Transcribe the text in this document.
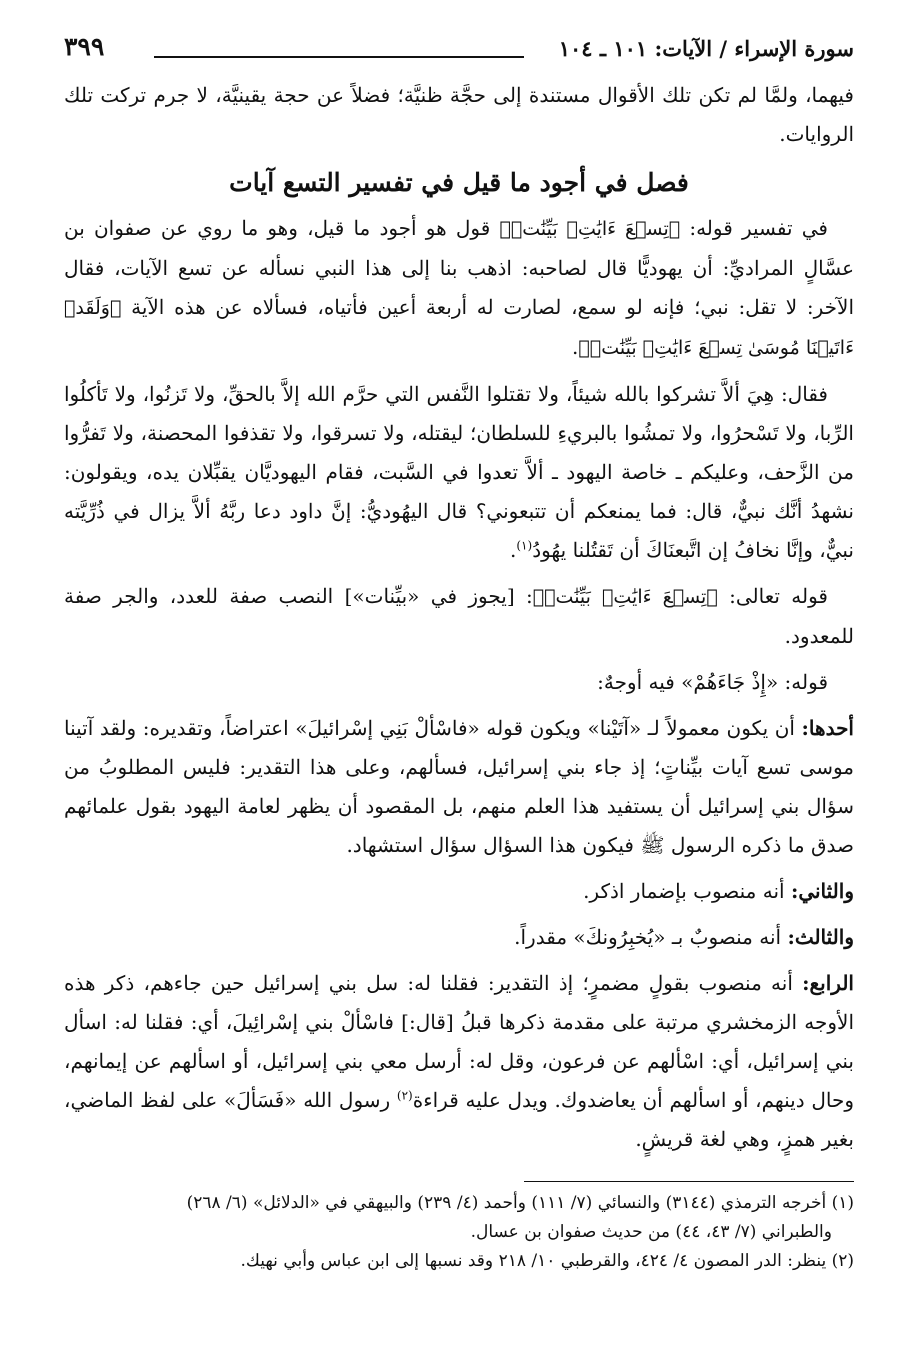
سورة الإسراء / الآيات: ١٠١ ـ ١٠٤
٣٩٩

فيهما، ولمَّا لم تكن تلك الأقوال مستندة إلى حجَّة ظنيَّة؛ فضلاً عن حجة يقينيَّة، لا جرم تركت تلك الروايات.

فصل في أجود ما قيل في تفسير التسع آيات

في تفسير قوله: ﴿تِسۡعَ ءَايَٰتِۭ بَيِّنَٰتٖ﴾ قول هو أجود ما قيل، وهو ما روي عن صفوان بن عسَّالٍ المراديِّ: أن يهوديًّا قال لصاحبه: اذهب بنا إلى هذا النبي نسأله عن تسع الآيات، فقال الآخر: لا تقل: نبي؛ فإنه لو سمع، لصارت له أربعة أعين فأتياه، فسألاه عن هذه الآية ﴿وَلَقَدۡ ءَاتَيۡنَا مُوسَىٰ تِسۡعَ ءَايَٰتِۭ بَيِّنَٰتٖ﴾.

فقال: هِيَ ألاَّ تشركوا بالله شيئاً، ولا تقتلوا النَّفس التي حرَّم الله إلاَّ بالحقِّ، ولا تَزنُوا، ولا تَأكلُوا الرِّبا، ولا تَسْحرُوا، ولا تمشُوا بالبريءِ للسلطان؛ ليقتله، ولا تسرقوا، ولا تقذفوا المحصنة، ولا تَفرُّوا من الزَّحف، وعليكم ـ خاصة اليهود ـ ألاَّ تعدوا في السَّبت، فقام اليهوديَّان يقبِّلان يده، ويقولون: نشهدُ أنَّك نبيٌّ، قال: فما يمنعكم أن تتبعوني؟ قال اليهُوديُّ: إنَّ داود دعا ربَّهُ ألاَّ يزال في ذُرِّيَّته نبيٌّ، وإنَّا نخافُ إن اتَّبعنَاكَ أن تَقتُلنا يهُودُ$^{(١)}$.

قوله تعالى: ﴿تِسۡعَ ءَايَٰتِۭ بَيِّنَٰتٖ﴾: [يجوز في «بيِّنات»] النصب صفة للعدد، والجر صفة للمعدود.

قوله: «إِذْ جَاءَهُمْ» فيه أوجهٌ:

أحدها: أن يكون معمولاً لـ «آتَيْنا» ويكون قوله «فاسْألْ بَنِي إسْرائيلَ» اعتراضاً، وتقديره: ولقد آتينا موسى تسع آيات بيِّناتٍ؛ إذ جاء بني إسرائيل، فسألهم، وعلى هذا التقدير: فليس المطلوبُ من سؤال بني إسرائيل أن يستفيد هذا العلم منهم، بل المقصود أن يظهر لعامة اليهود بقول علمائهم صدق ما ذكره الرسول ﷺ فيكون هذا السؤال سؤال استشهاد.

والثاني: أنه منصوب بإضمار اذكر.

والثالث: أنه منصوبٌ بـ «يُخبِرُونكَ» مقدراً.

الرابع: أنه منصوب بقولٍ مضمرٍ؛ إذ التقدير: فقلنا له: سل بني إسرائيل حين جاءهم، ذكر هذه الأوجه الزمخشري مرتبة على مقدمة ذكرها قبلُ [قال:] فاسْألْ بني إسْرائِيلَ، أي: فقلنا له: اسأل بني إسرائيل، أي: اسْألهم عن فرعون، وقل له: أرسل معي بني إسرائيل، أو اسألهم عن إيمانهم، وحال دينهم، أو اسألهم أن يعاضدوك. ويدل عليه قراءة$^{(٢)}$ رسول الله «فَسَألَ» على لفظ الماضي، بغير همزٍ، وهي لغة قريشٍ.

(١) أخرجه الترمذي (٣١٤٤) والنسائي (٧/ ١١١) وأحمد (٤/ ٢٣٩) والبيهقي في «الدلائل» (٦/ ٢٦٨)

والطبراني (٧/ ٤٣، ٤٤) من حديث صفوان بن عسال.

(٢) ينظر: الدر المصون ٤/ ٤٢٤، والقرطبي ١٠/ ٢١٨ وقد نسبها إلى ابن عباس وأبي نهيك.
